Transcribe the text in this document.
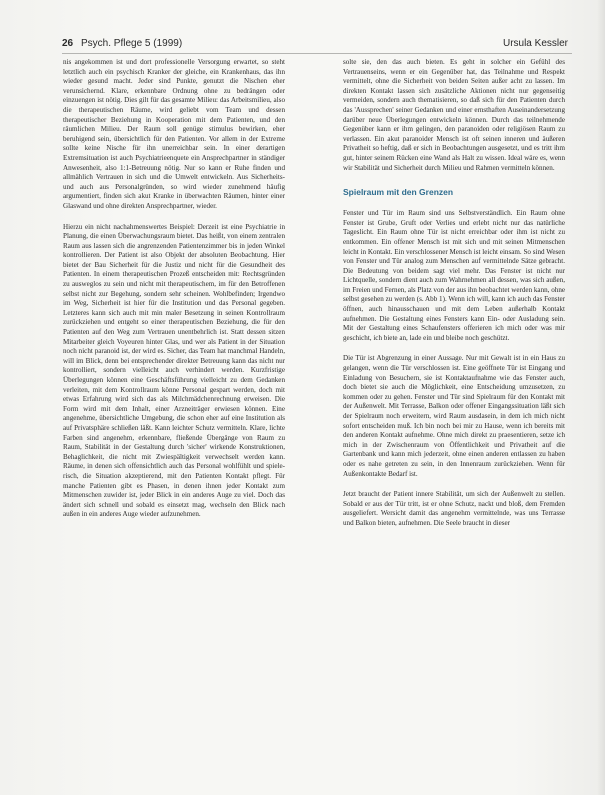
26 Psych. Pflege 5 (1999)	Ursula Kessler

nis angekommen ist und dort professionelle Versorgung erwartet, so steht letztlich auch ein psychisch Kranker der gleiche, ein Krankenhaus, das ihn wieder gesund macht. Jeder sind Punkte, genutzt die Nischen eher verunsichernd. Klare, erkennbare Ordnung ohne zu bedrängen oder einzuengen ist nötig. Dies gilt für das gesamte Milieu: das Arbeitsmilieu, also die therapeutischen Räume, wird geliebt vom Team und dessen therapeutischer Beziehung in Kooperation mit dem Patienten, und den räumlichen Milieu. Der Raum soll genüge stimulus bewirken, eher beruhigend sein, übersichtlich für den Patienten. Vor allem in der Extreme sollte keine Nische für ihn unerreichbar sein. In einer derartigen Extremsituation ist auch Psychiatrieenquete ein Ansprechpartner in ständiger Anwesenheit, also 1:1-Betreuung nötig. Nur so kann er Ruhe finden und allmählich Vertrauen in sich und die Umwelt entwickeln. Aus Sicherheits- und auch aus Personalgründen, so wird wieder zunehmend häufig argumentiert, finden sich akut Kranke in überwachten Räumen, hinter einer Glaswand und ohne direkten Ansprechpartner, wieder.

Hierzu ein nicht nachahmenswertes Beispiel: Derzeit ist eine Psychiatrie in Planung, die einen Überwachungsraum bietet. Das heißt, von einem zentralen Raum aus lassen sich die angrenzenden Patientenzimmer bis in jeden Winkel kontrollieren. Der Patient ist also Objekt der absoluten Beobachtung. Hier bietet der Bau Sicherheit für die Justiz und nicht für die Gesundheit des Patienten. In einem therapeutischen Prozeß entscheiden mit: Rechtsgründen zu ausweglos zu sein und nicht mit therapeutischem, im für den Betroffenen selbst nicht zur Begehung, sondern sehr scheinen. Wohlbefinden; Irgendwo im Weg, Sicherheit ist hier für die Institution und das Personal gegeben. Letzteres kann sich auch mit min maler Besetzung in seinen Kontrollraum zurückziehen und entgeht so einer therapeutischen Beziehung, die für den Patienten auf den Weg zum Vertrauen unentbehrlich ist. Statt dessen sitzen Mitarbeiter gleich Voyeuren hinter Glas, und wer als Patient in der Situation noch nicht paranoid ist, der wird es. Sicher, das Team hat manchmal Handeln, will im Blick, denn bei entsprechender direkter Betreuung kann das nicht nur kontrolliert, sondern vielleicht auch verhindert werden. Kurzfristige Überlegungen können eine Geschäftsführung vielleicht zu dem Gedanken verleiten, mit dem Kontrollraum könne Personal gespart werden, doch mit etwas Erfahrung wird sich das als Milchmädchenrechnung erweisen. Die Form wird mit dem Inhalt, einer Arzneiträger erwiesen können. Eine angenehme, übersichtliche Umgebung, die schon eher auf eine Institution als auf Privatsphäre schließen läßt. Kann leichter Schutz vermitteln. Klare, lichte Farben sind angenehm, erkennbare, fließende Übergänge von Raum zu Raum, Stabilität in der Gestaltung durch 'sicher' wirkende Konstruktionen, Behaglichkeit, die nicht mit Zwiespältigkeit verwechselt werden kann. Räume, in denen sich offensichtlich auch das Personal wohlfühlt und spiele-risch, die Situation akzeptierend, mit den Patienten Kontakt pflegt. Für manche Patienten gibt es Phasen, in denen ihnen jeder Kontakt zum Mitmenschen zuwider ist, jeder Blick in ein anderes Auge zu viel. Doch das ändert sich schnell und sobald es einsetzt mag, wechseln den Blick nach außen in ein anderes Auge wieder aufzunehmen.

solte sie, den das auch bieten. Es geht in solcher ein Gefühl des Vertrauenseins, wenn er ein Gegenüber hat, das Teilnahme und Respekt vermittelt, ohne die Sicherheit von beiden Seiten außer acht zu lassen. Im direkten Kontakt lassen sich zusätzliche Aktionen nicht nur gegenseitig vermeiden, sondern auch thematisieren, so daß sich für den Patienten durch das 'Aussprechen' seiner Gedanken und einer ernsthaften Auseinandersetzung darüber neue Überlegungen entwickeln können. Durch das teilnehmende Gegenüber kann er ihm gelingen, den paranoiden oder religiösen Raum zu verlassen. Ein akut paranoider Mensch ist oft seinen inneren und äußeren Privatheit so heftig, daß er sich in Beobachtungen ausgesetzt, und es tritt ihm gut, hinter seinem Rücken eine Wand als Halt zu wissen. Ideal wäre es, wenn wir Stabilität und Sicherheit durch Milieu und Rahmen vermitteln können.

Spielraum mit den Grenzen

Fenster und Tür im Raum sind uns Selbstverständlich. Ein Raum ohne Fenster ist Grube, Gruft oder Verlies und erlebt nicht nur das natürliche Tageslicht. Ein Raum ohne Tür ist nicht erreichbar oder ihm ist nicht zu entkommen. Ein offener Mensch ist mit sich und mit seinen Mitmenschen leicht in Kontakt. Ein verschlossener Mensch ist leicht einsam. So sind Wesen von Fenster und Tür analog zum Menschen auf vermittelnde Sätze gebracht. Die Bedeutung von beidem sagt viel mehr. Das Fenster ist nicht nur Lichtquelle, sondern dient auch zum Wahrnehmen all dessen, was sich außen, im Freien und Fernen, als Platz von der aus ihn beobachtet werden kann, ohne selbst gesehen zu werden (s. Abb 1). Wenn ich will, kann ich auch das Fenster öffnen, auch hinausschauen und mit dem Leben außerhalb Kontakt aufnehmen. Die Gestaltung eines Fensters kann Ein- oder Ausladung sein. Mit der Gestaltung eines Schaufensters offerieren ich mich oder was mir geschicht, ich biete an, lade ein und bleibe noch geschützt.

Die Tür ist Abgrenzung in einer Aussage. Nur mit Gewalt ist in ein Haus zu gelangen, wenn die Tür verschlossen ist. Eine geöffnete Tür ist Eingang und Einladung von Besuchern, sie ist Kontaktaufnahme wie das Fenster auch, doch bietet sie auch die Möglichkeit, eine Entscheidung umzusetzen, zu kommen oder zu gehen. Fenster und Tür sind Spielraum für den Kontakt mit der Außenwelt. Mit Terrasse, Balkon oder offener Eingangssituation läßt sich der Spielraum noch erweitern, wird Raum ausdasein, in dem ich mich nicht sofort entscheiden muß. Ich bin noch bei mir zu Hause, wenn ich bereits mit den anderen Kontakt aufnehme. Ohne mich direkt zu praesentieren, setze ich mich in der Zwischenraum von Öffentlichkeit und Privatheit auf die Gartenbank und kann mich jederzeit, ohne einen anderen entlassen zu haben oder es nahe getreten zu sein, in den Innenraum zurückziehen. Wenn für Außenkontakte Bedarf ist.

Jetzt braucht der Patient innere Stabilität, um sich der Außenwelt zu stellen. Sobald er aus der Tür tritt, ist er ohne Schutz, nackt und bloß, dem Fremden ausgeliefert. Wersicht damit das angenehm vermittelnde, was uns Terrasse und Balkon bieten, aufnehmen. Die Seele braucht in dieser
